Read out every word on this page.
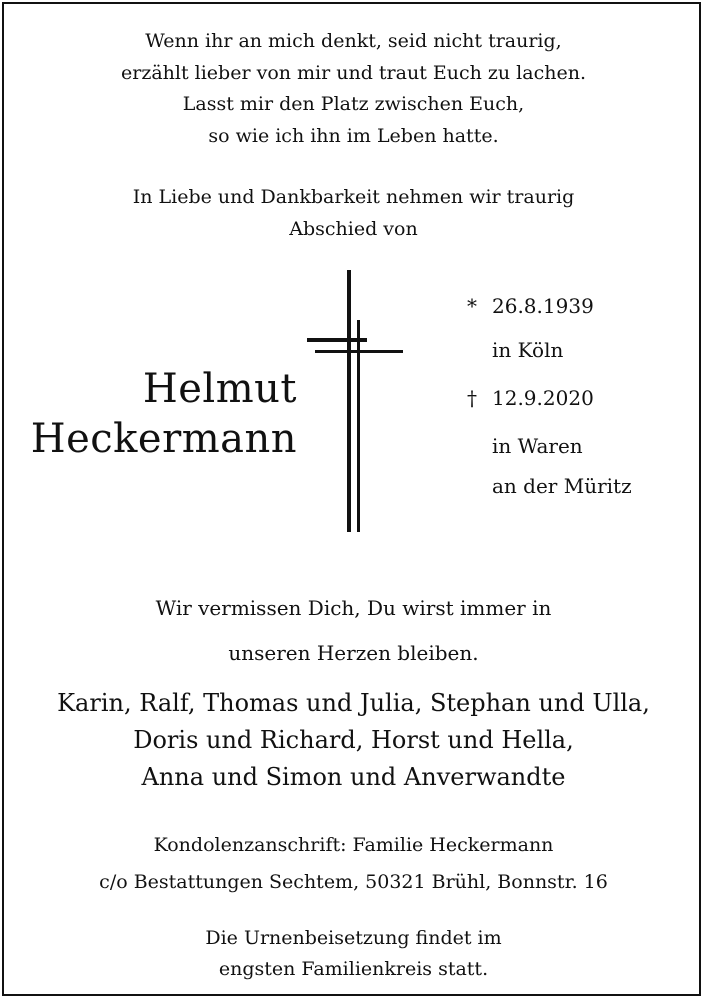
Wenn ihr an mich denkt, seid nicht traurig,
erzählt lieber von mir und traut Euch zu lachen.
Lasst mir den Platz zwischen Euch,
so wie ich ihn im Leben hatte.
In Liebe und Dankbarkeit nehmen wir traurig
Abschied von
Helmut
Heckermann
* 26.8.1939
in Köln
† 12.9.2020
in Waren
an der Müritz
Wir vermissen Dich, Du wirst immer in
unseren Herzen bleiben.
Karin, Ralf, Thomas und Julia, Stephan und Ulla,
Doris und Richard, Horst und Hella,
Anna und Simon und Anverwandte
Kondolenzanschrift: Familie Heckermann
c/o Bestattungen Sechtem, 50321 Brühl, Bonnstr. 16
Die Urnenbeisetzung findet im
engsten Familienkreis statt.
